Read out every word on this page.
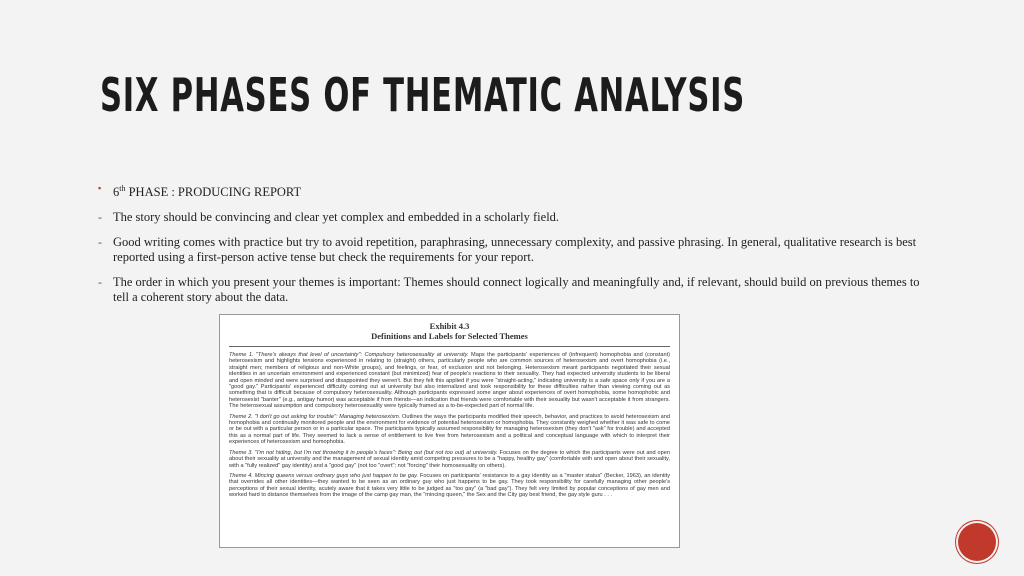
SIX PHASES OF THEMATIC ANALYSIS
▪ 6th PHASE : PRODUCING REPORT
- The story should be convincing and clear yet complex and embedded in a scholarly field.
- Good writing comes with practice but try to avoid repetition, paraphrasing, unnecessary complexity, and passive phrasing. In general, qualitative research is best reported using a first-person active tense but check the requirements for your report.
- The order in which you present your themes is important: Themes should connect logically and meaningfully and, if relevant, should build on previous themes to tell a coherent story about the data.
Exhibit 4.3
Definitions and Labels for Selected Themes

Theme 1. "There's always that level of uncertainty": Compulsory heterosexuality at university. Maps the participants' experiences of (infrequent) homophobia and (constant) heterosexism and highlights tensions experienced in relating to (straight) others, particularly people who are common sources of heterosexism and overt homophobia (i.e., straight men; members of religious and non-White groups), and feelings, or fear, of exclusion and not belonging. Heterosexism meant participants negotiated their sexual identities in an uncertain environment and experienced constant (but minimized) fear of people's reactions to their sexuality. They had expected university students to be liberal and open minded and were surprised and disappointed they weren't. But they felt this applied if you were "straight-acting," indicating university is a safe space only if you are a "good gay." Participants' experienced difficulty coming out at university but also internalized and took responsibility for these difficulties rather than viewing coming out as something that is difficult because of compulsory heterosexuality. Although participants expressed some anger about experiences of overt homophobia, some homophobic and heterosexist "banter" (e.g., antigay humor) was acceptable if from friends—an indication that friends were comfortable with their sexuality but wasn't acceptable it from strangers. The heterosexual assumption and compulsory heterosexuality were typically framed as a to-be-expected part of normal life.

Theme 2. "I don't go out asking for trouble": Managing heterosexism. Outlines the ways the participants modified their speech, behavior, and practices to avoid heterosexism and homophobia and continually monitored people and the environment for evidence of potential heterosexism or homophobia. They constantly weighed whether it was safe to come or be out with a particular person or in a particular space. The participants typically assumed responsibility for managing heterosexism (they don't "ask" for trouble) and accepted this as a normal part of life. They seemed to lack a sense of entitlement to live free from heterosexism and a political and conceptual language with which to interpret their experiences of heterosexism and homophobia.

Theme 3. "I'm not hiding, but I'm not throwing it in people's faces": Being out (but not too out) at university. Focuses on the degree to which the participants were out and open about their sexuality at university and the management of sexual identity amid competing pressures to be a "happy, healthy gay" (comfortable with and open about their sexuality, with a "fully realized" gay identity) and a "good gay" (not too "overt"; not "forcing" their homosexuality on others).

Theme 4. Mincing queens versus ordinary guys who just happen to be gay. Focuses on participants' resistance to a gay identity as a "master status" (Becker, 1963), an identity that overrides all other identities—they wanted to be seen as an ordinary guy who just happens to be gay. They took responsibility for carefully managing other people's perceptions of their sexual identity, acutely aware that it takes very little to be judged as "too gay" (a "bad gay"). They felt very limited by popular conceptions of gay men and worked hard to distance themselves from the image of the camp gay man, the "mincing queen," the Sex and the City gay best friend, the gay style guru . . .
